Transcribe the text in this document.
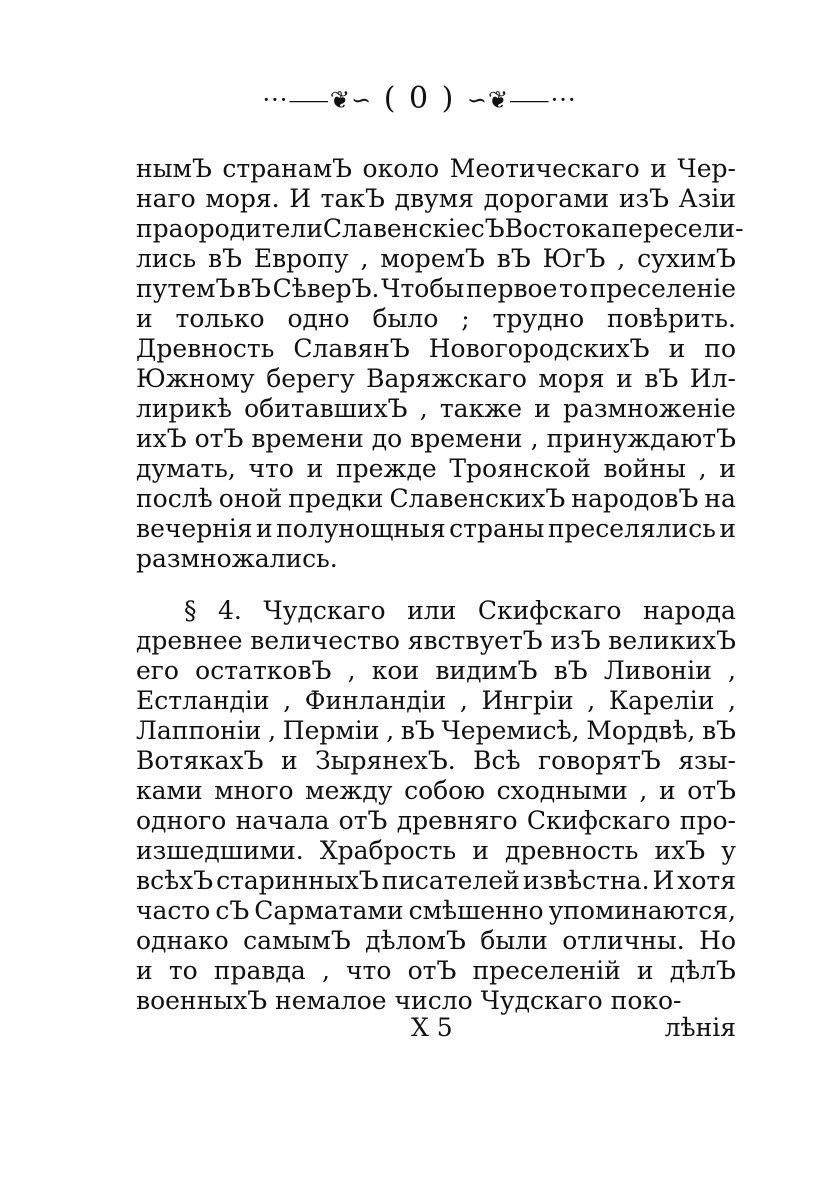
···⸺❦∽ ( 0 ) ∽❦⸺···
нымЪ странамЪ около Меотическаго и Чер-
наго моря. И такЪ двумя дорогами изЪ Азіи
праородители Славенскіе сЪ Востока пересели-
лись вЪ Европу , моремЪ вЪ ЮгЪ , сухимЪ
путемЪ вЪ СѣверЪ. Чтобы первое то преселеніе
и только одно было ; трудно повѣрить.
Древность СлавянЪ НовогородскихЪ и по
Южному берегу Варяжскаго моря и вЪ Ил-
лирикѣ обитавшихЪ , также и размноженіе
ихЪ отЪ времени до времени , принуждаютЪ
думать, что и прежде Троянской войны , и
послѣ оной предки СлавенскихЪ народовЪ на
вечернія и полунощныя страны преселялись и
размножались.
§ 4. Чудскаго или Скифскаго народа
древнее величество явствуетЪ изЪ великихЪ
его остатковЪ , кои видимЪ вЪ Ливоніи ,
Естландіи , Финландіи , Ингріи , Кареліи ,
Лаппоніи , Перміи , вЪ Черемисѣ, Мордвѣ, вЪ
ВотякахЪ и ЗырянехЪ. Всѣ говорятЪ язы-
ками много между собою сходными , и отЪ
одного начала отЪ древняго Скифскаго про-
изшедшими. Храбрость и древность ихЪ у
всѣхЪ старинныхЪ писателей извѣстна. И хотя
часто сЪ Сарматами смѣшенно упоминаются,
однако самымЪ дѣломЪ были отличны. Но
и то правда , что отЪ преселеній и дѣлЪ
военныхЪ немалое число Чудскаго поко-
X 5	лѣнія
